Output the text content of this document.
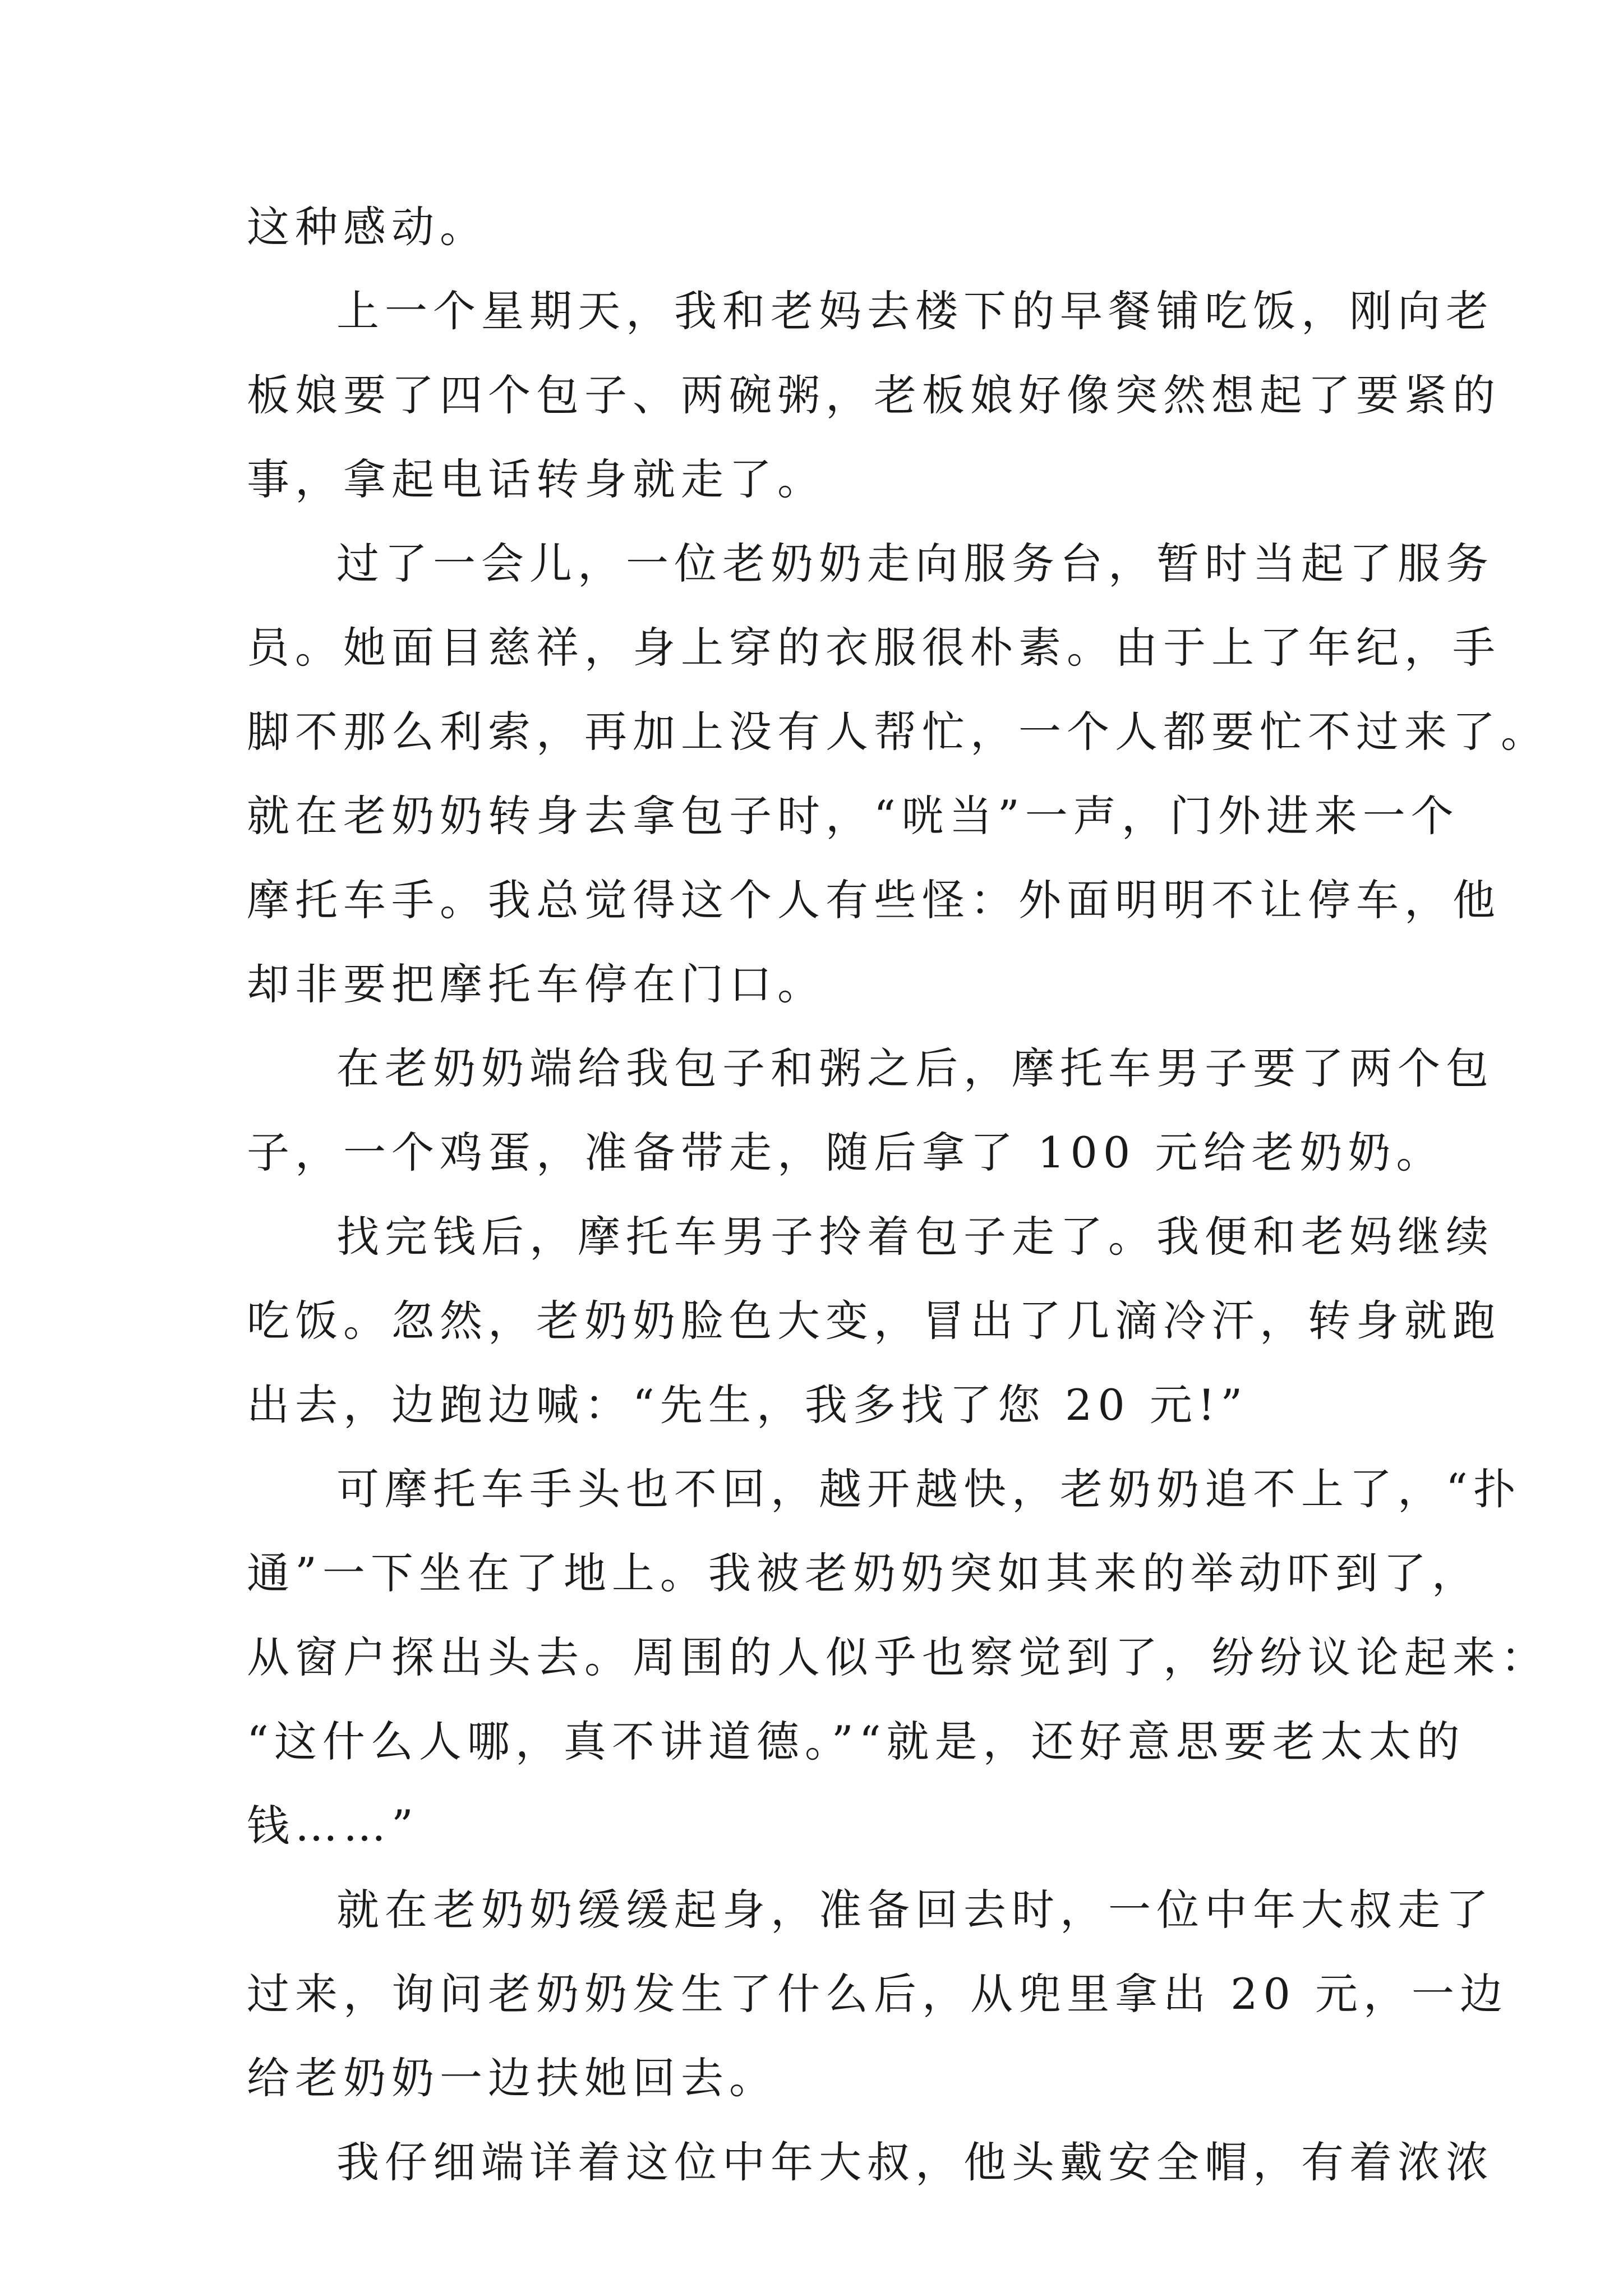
这种感动。
上一个星期天，我和老妈去楼下的早餐铺吃饭，刚向老
板娘要了四个包子、两碗粥，老板娘好像突然想起了要紧的
事，拿起电话转身就走了。
过了一会儿，一位老奶奶走向服务台，暂时当起了服务
员。她面目慈祥，身上穿的衣服很朴素。由于上了年纪，手
脚不那么利索，再加上没有人帮忙，一个人都要忙不过来了。
就在老奶奶转身去拿包子时，“咣当”一声，门外进来一个
摩托车手。我总觉得这个人有些怪：外面明明不让停车，他
却非要把摩托车停在门口。
在老奶奶端给我包子和粥之后，摩托车男子要了两个包
子，一个鸡蛋，准备带走，随后拿了 100 元给老奶奶。
找完钱后，摩托车男子拎着包子走了。我便和老妈继续
吃饭。忽然，老奶奶脸色大变，冒出了几滴冷汗，转身就跑
出去，边跑边喊：“先生，我多找了您 20 元!”
可摩托车手头也不回，越开越快，老奶奶追不上了，“扑
通”一下坐在了地上。我被老奶奶突如其来的举动吓到了，
从窗户探出头去。周围的人似乎也察觉到了，纷纷议论起来：
“这什么人哪，真不讲道德。”“就是，还好意思要老太太的
钱……”
就在老奶奶缓缓起身，准备回去时，一位中年大叔走了
过来，询问老奶奶发生了什么后，从兜里拿出 20 元，一边
给老奶奶一边扶她回去。
我仔细端详着这位中年大叔，他头戴安全帽，有着浓浓
